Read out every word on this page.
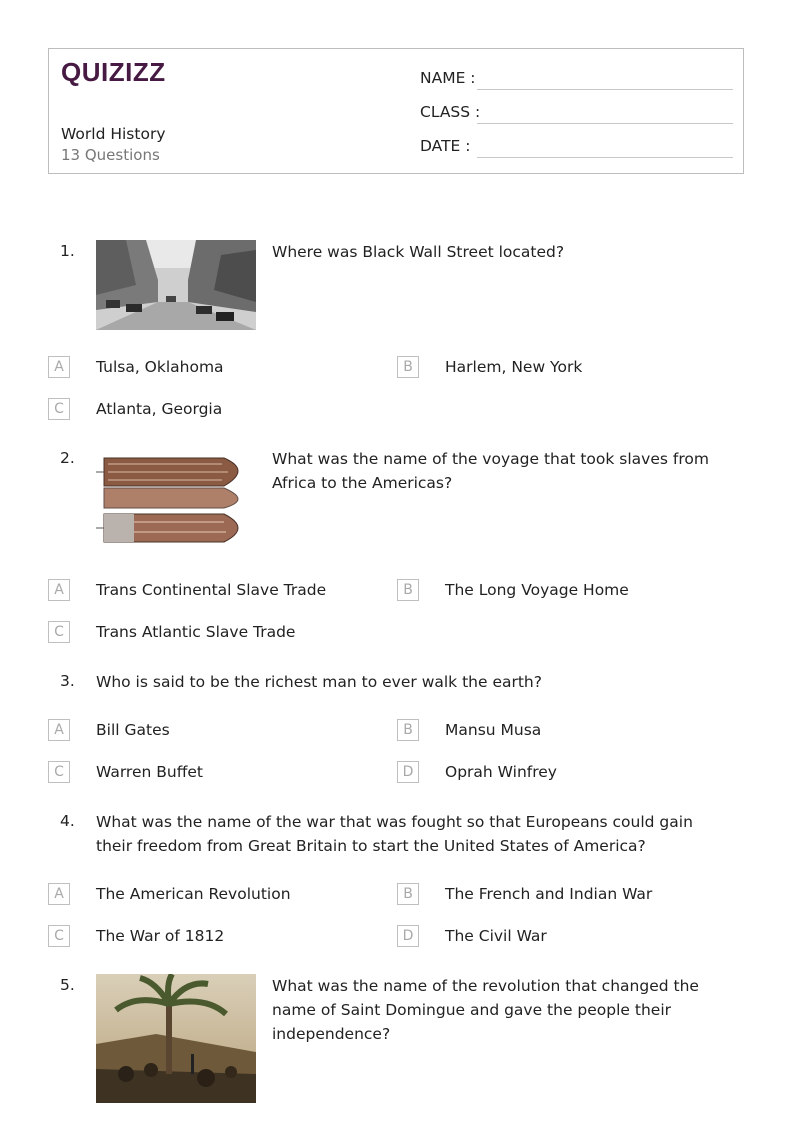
QUIZIZZ
World History
13 Questions
NAME :
CLASS :
DATE :
1.	Where was Black Wall Street located?
A	Tulsa, Oklahoma	B	Harlem, New York
C	Atlanta, Georgia
2.	What was the name of the voyage that took slaves from Africa to the Americas?
A	Trans Continental Slave Trade	B	The Long Voyage Home
C	Trans Atlantic Slave Trade
3. Who is said to be the richest man to ever walk the earth?
A	Bill Gates	B	Mansu Musa
C	Warren Buffet	D	Oprah Winfrey
4. What was the name of the war that was fought so that Europeans could gain their freedom from Great Britain to start the United States of America?
A	The American Revolution	B	The French and Indian War
C	The War of 1812	D	The Civil War
5.	What was the name of the revolution that changed the name of Saint Domingue and gave the people their independence?
